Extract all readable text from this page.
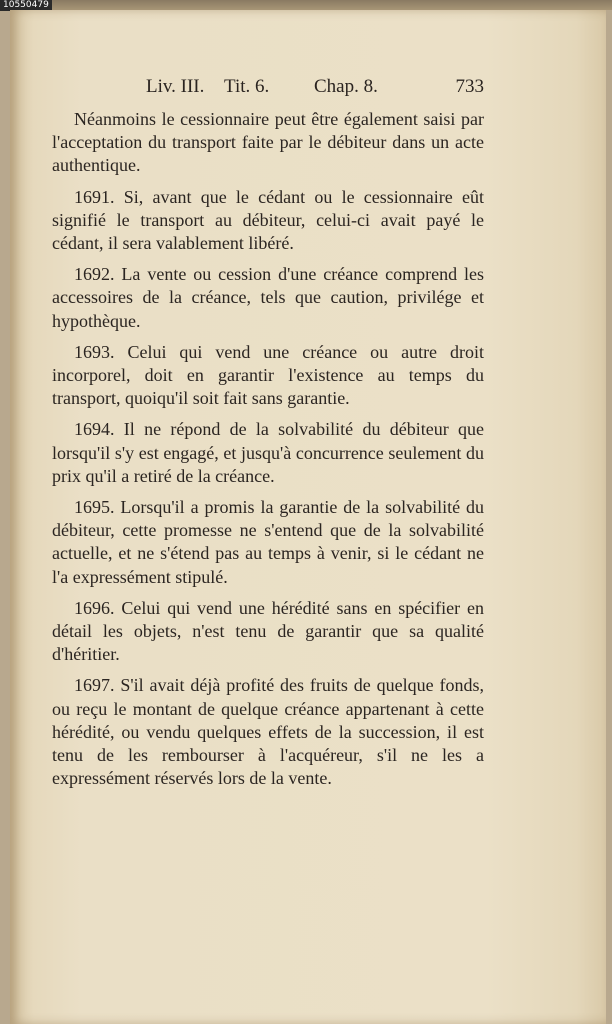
10550479
Liv. III. Tit. 6. Chap. 8.	733

Néanmoins le cessionnaire peut être également saisi par l'acceptation du transport faite par le débiteur dans un acte authentique.

1691. Si, avant que le cédant ou le cessionnaire eût signifié le transport au débiteur, celui-ci avait payé le cédant, il sera valablement libéré.

1692. La vente ou cession d'une créance comprend les accessoires de la créance, tels que caution, privilége et hypothèque.

1693. Celui qui vend une créance ou autre droit incorporel, doit en garantir l'existence au temps du transport, quoiqu'il soit fait sans garantie.

1694. Il ne répond de la solvabilité du débiteur que lorsqu'il s'y est engagé, et jusqu'à concurrence seulement du prix qu'il a retiré de la créance.

1695. Lorsqu'il a promis la garantie de la solvabilité du débiteur, cette promesse ne s'entend que de la solvabilité actuelle, et ne s'étend pas au temps à venir, si le cédant ne l'a expressément stipulé.

1696. Celui qui vend une hérédité sans en spécifier en détail les objets, n'est tenu de garantir que sa qualité d'héritier.

1697. S'il avait déjà profité des fruits de quelque fonds, ou reçu le montant de quelque créance appartenant à cette hérédité, ou vendu quelques effets de la succession, il est tenu de les rembourser à l'acquéreur, s'il ne les a expressément réservés lors de la vente.
